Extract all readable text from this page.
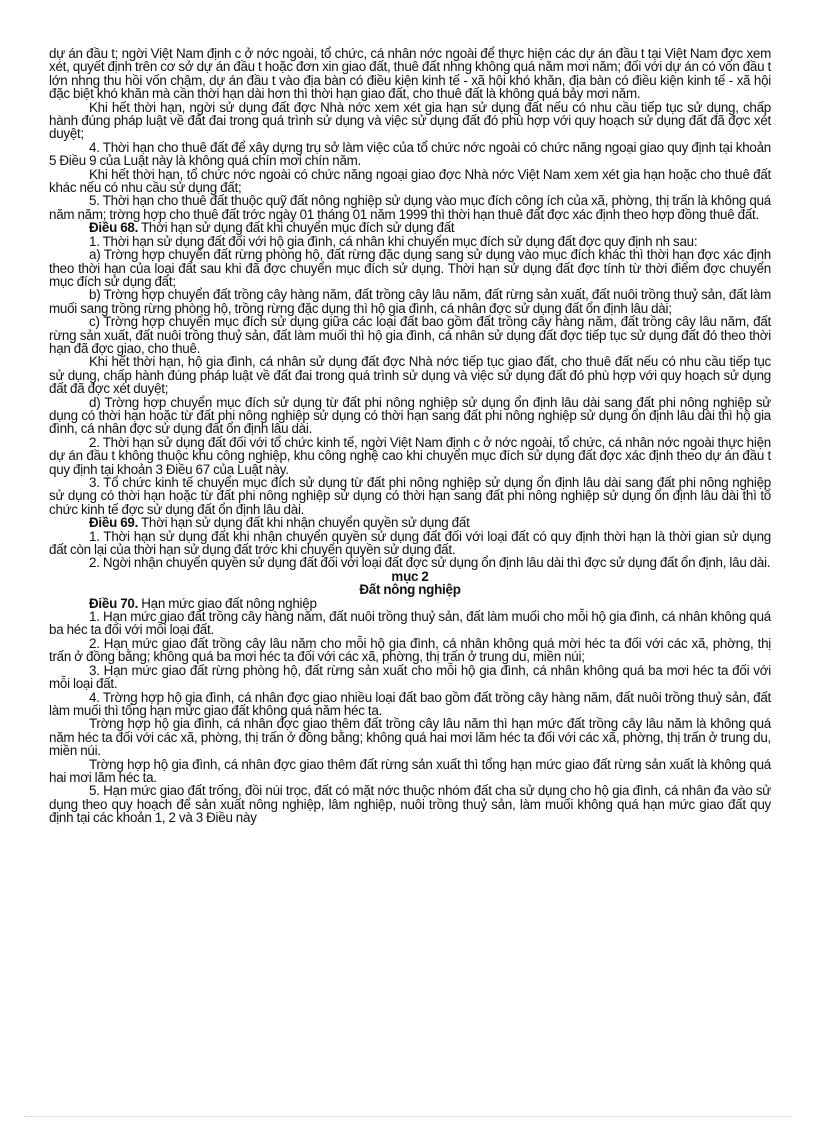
dự án đầu t; ngời Việt Nam định c ở nớc ngoài, tổ chức, cá nhân nớc ngoài để thực hiện các dự án đầu t tại Việt Nam đợc xem xét, quyết định trên cơ sở dự án đầu t hoặc đơn xin giao đất, thuê đất nhng không quá năm mơi năm; đối với dự án có vốn đầu t lớn nhng thu hồi vốn chậm, dự án đầu t vào địa bàn có điều kiện kinh tế - xã hội khó khăn, địa bàn có điều kiện kinh tế - xã hội đặc biệt khó khăn mà cần thời hạn dài hơn thì thời hạn giao đất, cho thuê đất là không quá bảy mơi năm.

Khi hết thời hạn, ngời sử dụng đất đợc Nhà nớc xem xét gia hạn sử dụng đất nếu có nhu cầu tiếp tục sử dụng, chấp hành đúng pháp luật về đất đai trong quá trình sử dụng và việc sử dụng đất đó phù hợp với quy hoạch sử dụng đất đã đợc xét duyệt;

4. Thời hạn cho thuê đất để xây dựng trụ sở làm việc của tổ chức nớc ngoài có chức năng ngoại giao quy định tại khoản 5 Điều 9 của Luật này là không quá chín mơi chín năm.

Khi hết thời hạn, tổ chức nớc ngoài có chức năng ngoại giao đợc Nhà nớc Việt Nam xem xét gia hạn hoặc cho thuê đất khác nếu có nhu cầu sử dụng đất;

5. Thời hạn cho thuê đất thuộc quỹ đất nông nghiệp sử dụng vào mục đích công ích của xã, phờng, thị trấn là không quá năm năm; trờng hợp cho thuê đất trớc ngày 01 tháng 01 năm 1999 thì thời hạn thuê đất đợc xác định theo hợp đồng thuê đất.

Điều 68. Thời hạn sử dụng đất khi chuyển mục đích sử dụng đất

1. Thời hạn sử dụng đất đối với hộ gia đình, cá nhân khi chuyển mục đích sử dụng đất đợc quy định nh sau:

a) Trờng hợp chuyển đất rừng phòng hộ, đất rừng đặc dụng sang sử dụng vào mục đích khác thì thời hạn đợc xác định theo thời hạn của loại đất sau khi đã đợc chuyển mục đích sử dụng. Thời hạn sử dụng đất đợc tính từ thời điểm đợc chuyển mục đích sử dụng đất;

b) Trờng hợp chuyển đất trồng cây hàng năm, đất trồng cây lâu năm, đất rừng sản xuất, đất nuôi trồng thuỷ sản, đất làm muối sang trồng rừng phòng hộ, trồng rừng đặc dụng thì hộ gia đình, cá nhân đợc sử dụng đất ổn định lâu dài;

c) Trờng hợp chuyển mục đích sử dụng giữa các loại đất bao gồm đất trồng cây hàng năm, đất trồng cây lâu năm, đất rừng sản xuất, đất nuôi trồng thuỷ sản, đất làm muối thì hộ gia đình, cá nhân sử dụng đất đợc tiếp tục sử dụng đất đó theo thời hạn đã đợc giao, cho thuê.

Khi hết thời hạn, hộ gia đình, cá nhân sử dụng đất đợc Nhà nớc tiếp tục giao đất, cho thuê đất nếu có nhu cầu tiếp tục sử dụng, chấp hành đúng pháp luật về đất đai trong quá trình sử dụng và việc sử dụng đất đó phù hợp với quy hoạch sử dụng đất đã đợc xét duyệt;

d) Trờng hợp chuyển mục đích sử dụng từ đất phi nông nghiệp sử dụng ổn định lâu dài sang đất phi nông nghiệp sử dụng có thời hạn hoặc từ đất phi nông nghiệp sử dụng có thời hạn sang đất phi nông nghiệp sử dụng ổn định lâu dài thì hộ gia đình, cá nhân đợc sử dụng đất ổn định lâu dài.

2. Thời hạn sử dụng đất đối với tổ chức kinh tế, ngời Việt Nam định c ở nớc ngoài, tổ chức, cá nhân nớc ngoài thực hiện dự án đầu t không thuộc khu công nghiệp, khu công nghệ cao khi chuyển mục đích sử dụng đất đợc xác định theo dự án đầu t quy định tại khoản 3 Điều 67 của Luật này.

3. Tổ chức kinh tế chuyển mục đích sử dụng từ đất phi nông nghiệp sử dụng ổn định lâu dài sang đất phi nông nghiệp sử dụng có thời hạn hoặc từ đất phi nông nghiệp sử dụng có thời hạn sang đất phi nông nghiệp sử dụng ổn định lâu dài thì tổ chức kinh tế đợc sử dụng đất ổn định lâu dài.

Điều 69. Thời hạn sử dụng đất khi nhận chuyển quyền sử dụng đất

1. Thời hạn sử dụng đất khi nhận chuyển quyền sử dụng đất đối với loại đất có quy định thời hạn là thời gian sử dụng đất còn lại của thời hạn sử dụng đất trớc khi chuyển quyền sử dụng đất.

2. Ngời nhận chuyển quyền sử dụng đất đối với loại đất đợc sử dụng ổn định lâu dài thì đợc sử dụng đất ổn định, lâu dài.

mục 2

Đất nông nghiệp

Điều 70. Hạn mức giao đất nông nghiệp

1. Hạn mức giao đất trồng cây hàng năm, đất nuôi trồng thuỷ sản, đất làm muối cho mỗi hộ gia đình, cá nhân không quá ba héc ta đối với mỗi loại đất.

2. Hạn mức giao đất trồng cây lâu năm cho mỗi hộ gia đình, cá nhân không quá mời héc ta đối với các xã, phờng, thị trấn ở đồng bằng; không quá ba mơi héc ta đối với các xã, phờng, thị trấn ở trung du, miền núi;

3. Hạn mức giao đất rừng phòng hộ, đất rừng sản xuất cho mỗi hộ gia đình, cá nhân không quá ba mơi héc ta đối với mỗi loại đất.

4. Trờng hợp hộ gia đình, cá nhân đợc giao nhiều loại đất bao gồm đất trồng cây hàng năm, đất nuôi trồng thuỷ sản, đất làm muối thì tổng hạn mức giao đất không quá năm héc ta.

Trờng hợp hộ gia đình, cá nhân đợc giao thêm đất trồng cây lâu năm thì hạn mức đất trồng cây lâu năm là không quá năm héc ta đối với các xã, phờng, thị trấn ở đồng bằng; không quá hai mơi lăm héc ta đối với các xã, phờng, thị trấn ở trung du, miền núi.

Trờng hợp hộ gia đình, cá nhân đợc giao thêm đất rừng sản xuất thì tổng hạn mức giao đất rừng sản xuất là không quá hai mơi lăm héc ta.

5. Hạn mức giao đất trống, đồi núi trọc, đất có mặt nớc thuộc nhóm đất cha sử dụng cho hộ gia đình, cá nhân đa vào sử dụng theo quy hoạch để sản xuất nông nghiệp, lâm nghiệp, nuôi trồng thuỷ sản, làm muối không quá hạn mức giao đất quy định tại các khoản 1, 2 và 3 Điều này
